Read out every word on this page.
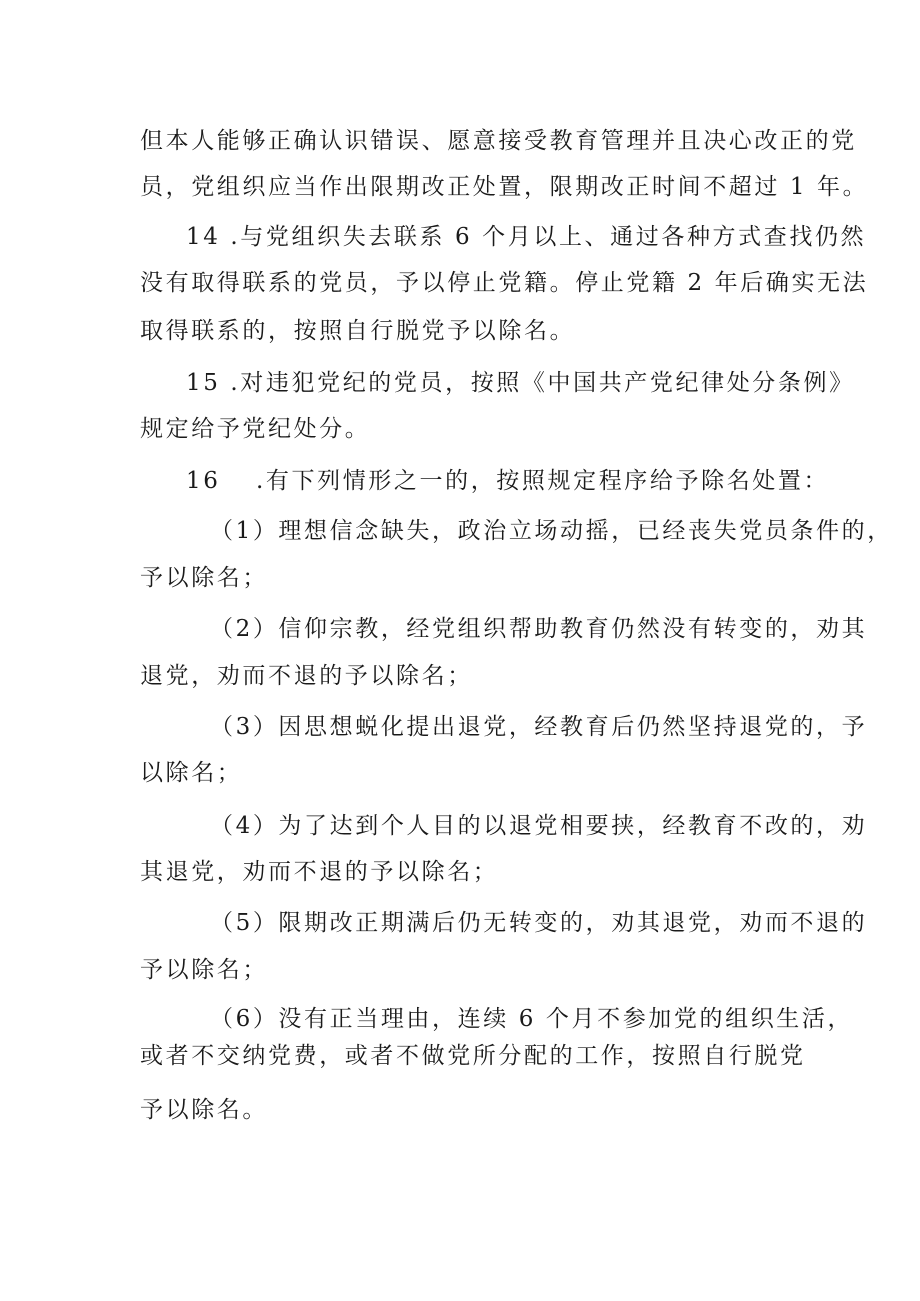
但本人能够正确认识错误、愿意接受教育管理并且决心改正的党
员，党组织应当作出限期改正处置，限期改正时间不超过 1 年。
14 .与党组织失去联系 6 个月以上、通过各种方式查找仍然
没有取得联系的党员，予以停止党籍。停止党籍 2 年后确实无法
取得联系的，按照自行脱党予以除名。
15 .对违犯党纪的党员，按照《中国共产党纪律处分条例》
规定给予党纪处分。
16　 .有下列情形之一的，按照规定程序给予除名处置：
（1）理想信念缺失，政治立场动摇，已经丧失党员条件的，
予以除名；
（2）信仰宗教，经党组织帮助教育仍然没有转变的，劝其
退党，劝而不退的予以除名；
（3）因思想蜕化提出退党，经教育后仍然坚持退党的，予
以除名；
（4）为了达到个人目的以退党相要挟，经教育不改的，劝
其退党，劝而不退的予以除名；
（5）限期改正期满后仍无转变的，劝其退党，劝而不退的
予以除名；
（6）没有正当理由，连续 6 个月不参加党的组织生活，
或者不交纳党费，或者不做党所分配的工作，按照自行脱党
予以除名。
